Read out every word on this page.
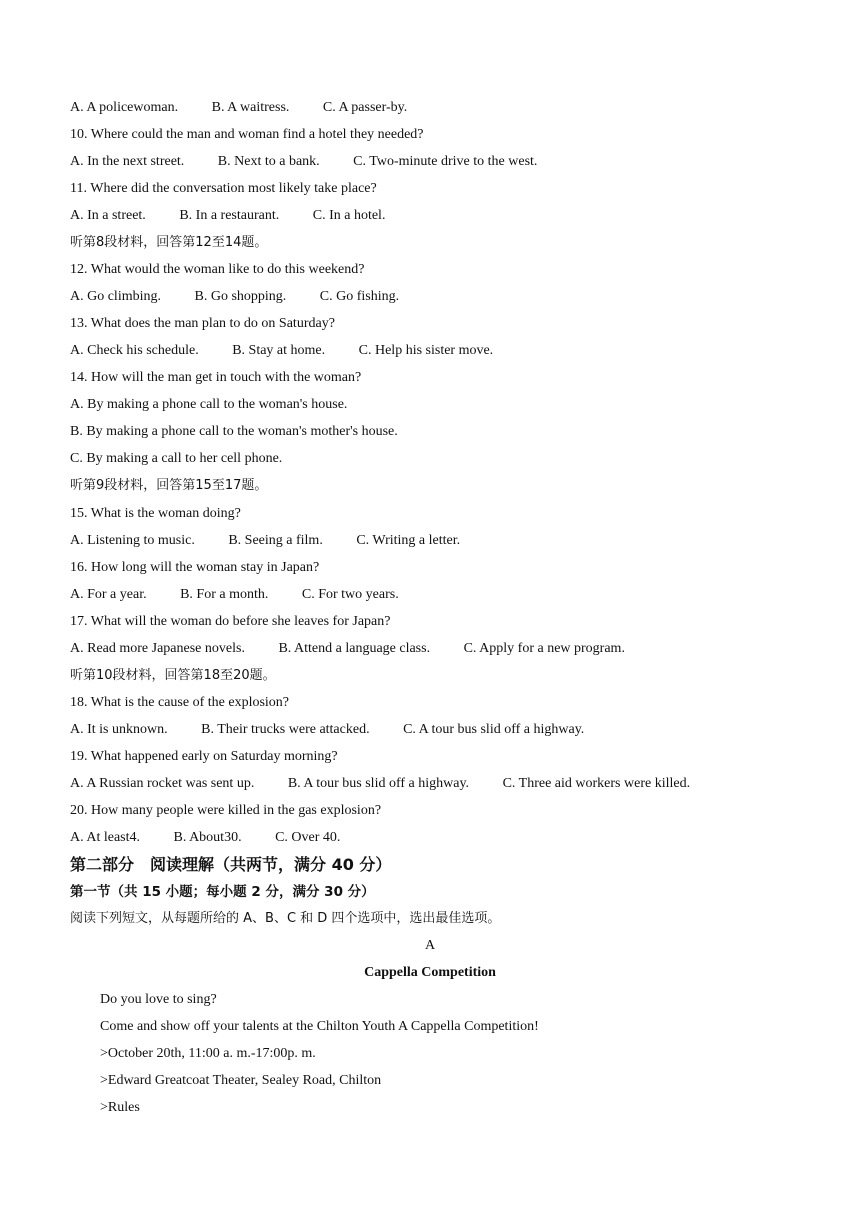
A. A policewoman. B. A waitress. C. A passer-by.
10. Where could the man and woman find a hotel they needed?
A. In the next street. B. Next to a bank. C. Two-minute drive to the west.
11. Where did the conversation most likely take place?
A. In a street. B. In a restaurant. C. In a hotel.
听第8段材料，回答第12至14题。
12. What would the woman like to do this weekend?
A. Go climbing. B. Go shopping. C. Go fishing.
13. What does the man plan to do on Saturday?
A. Check his schedule. B. Stay at home. C. Help his sister move.
14. How will the man get in touch with the woman?
A. By making a phone call to the woman's house.
B. By making a phone call to the woman's mother's house.
C. By making a call to her cell phone.
听第9段材料，回答第15至17题。
15. What is the woman doing?
A. Listening to music. B. Seeing a film. C. Writing a letter.
16. How long will the woman stay in Japan?
A. For a year. B. For a month. C. For two years.
17. What will the woman do before she leaves for Japan?
A. Read more Japanese novels. B. Attend a language class. C. Apply for a new program.
听第10段材料，回答第18至20题。
18. What is the cause of the explosion?
A. It is unknown. B. Their trucks were attacked. C. A tour bus slid off a highway.
19. What happened early on Saturday morning?
A. A Russian rocket was sent up. B. A tour bus slid off a highway. C. Three aid workers were killed.
20. How many people were killed in the gas explosion?
A. At least4. B. About30. C. Over 40.
第二部分　阅读理解（共两节，满分 40 分）
第一节（共 15 小题；每小题 2 分，满分 30 分）
阅读下列短文，从每题所给的 A、B、C 和 D 四个选项中，选出最佳选项。
A
Cappella Competition
Do you love to sing?
Come and show off your talents at the Chilton Youth A Cappella Competition!
>October 20th, 11:00 a. m.-17:00p. m.
>Edward Greatcoat Theater, Sealey Road, Chilton
>Rules
